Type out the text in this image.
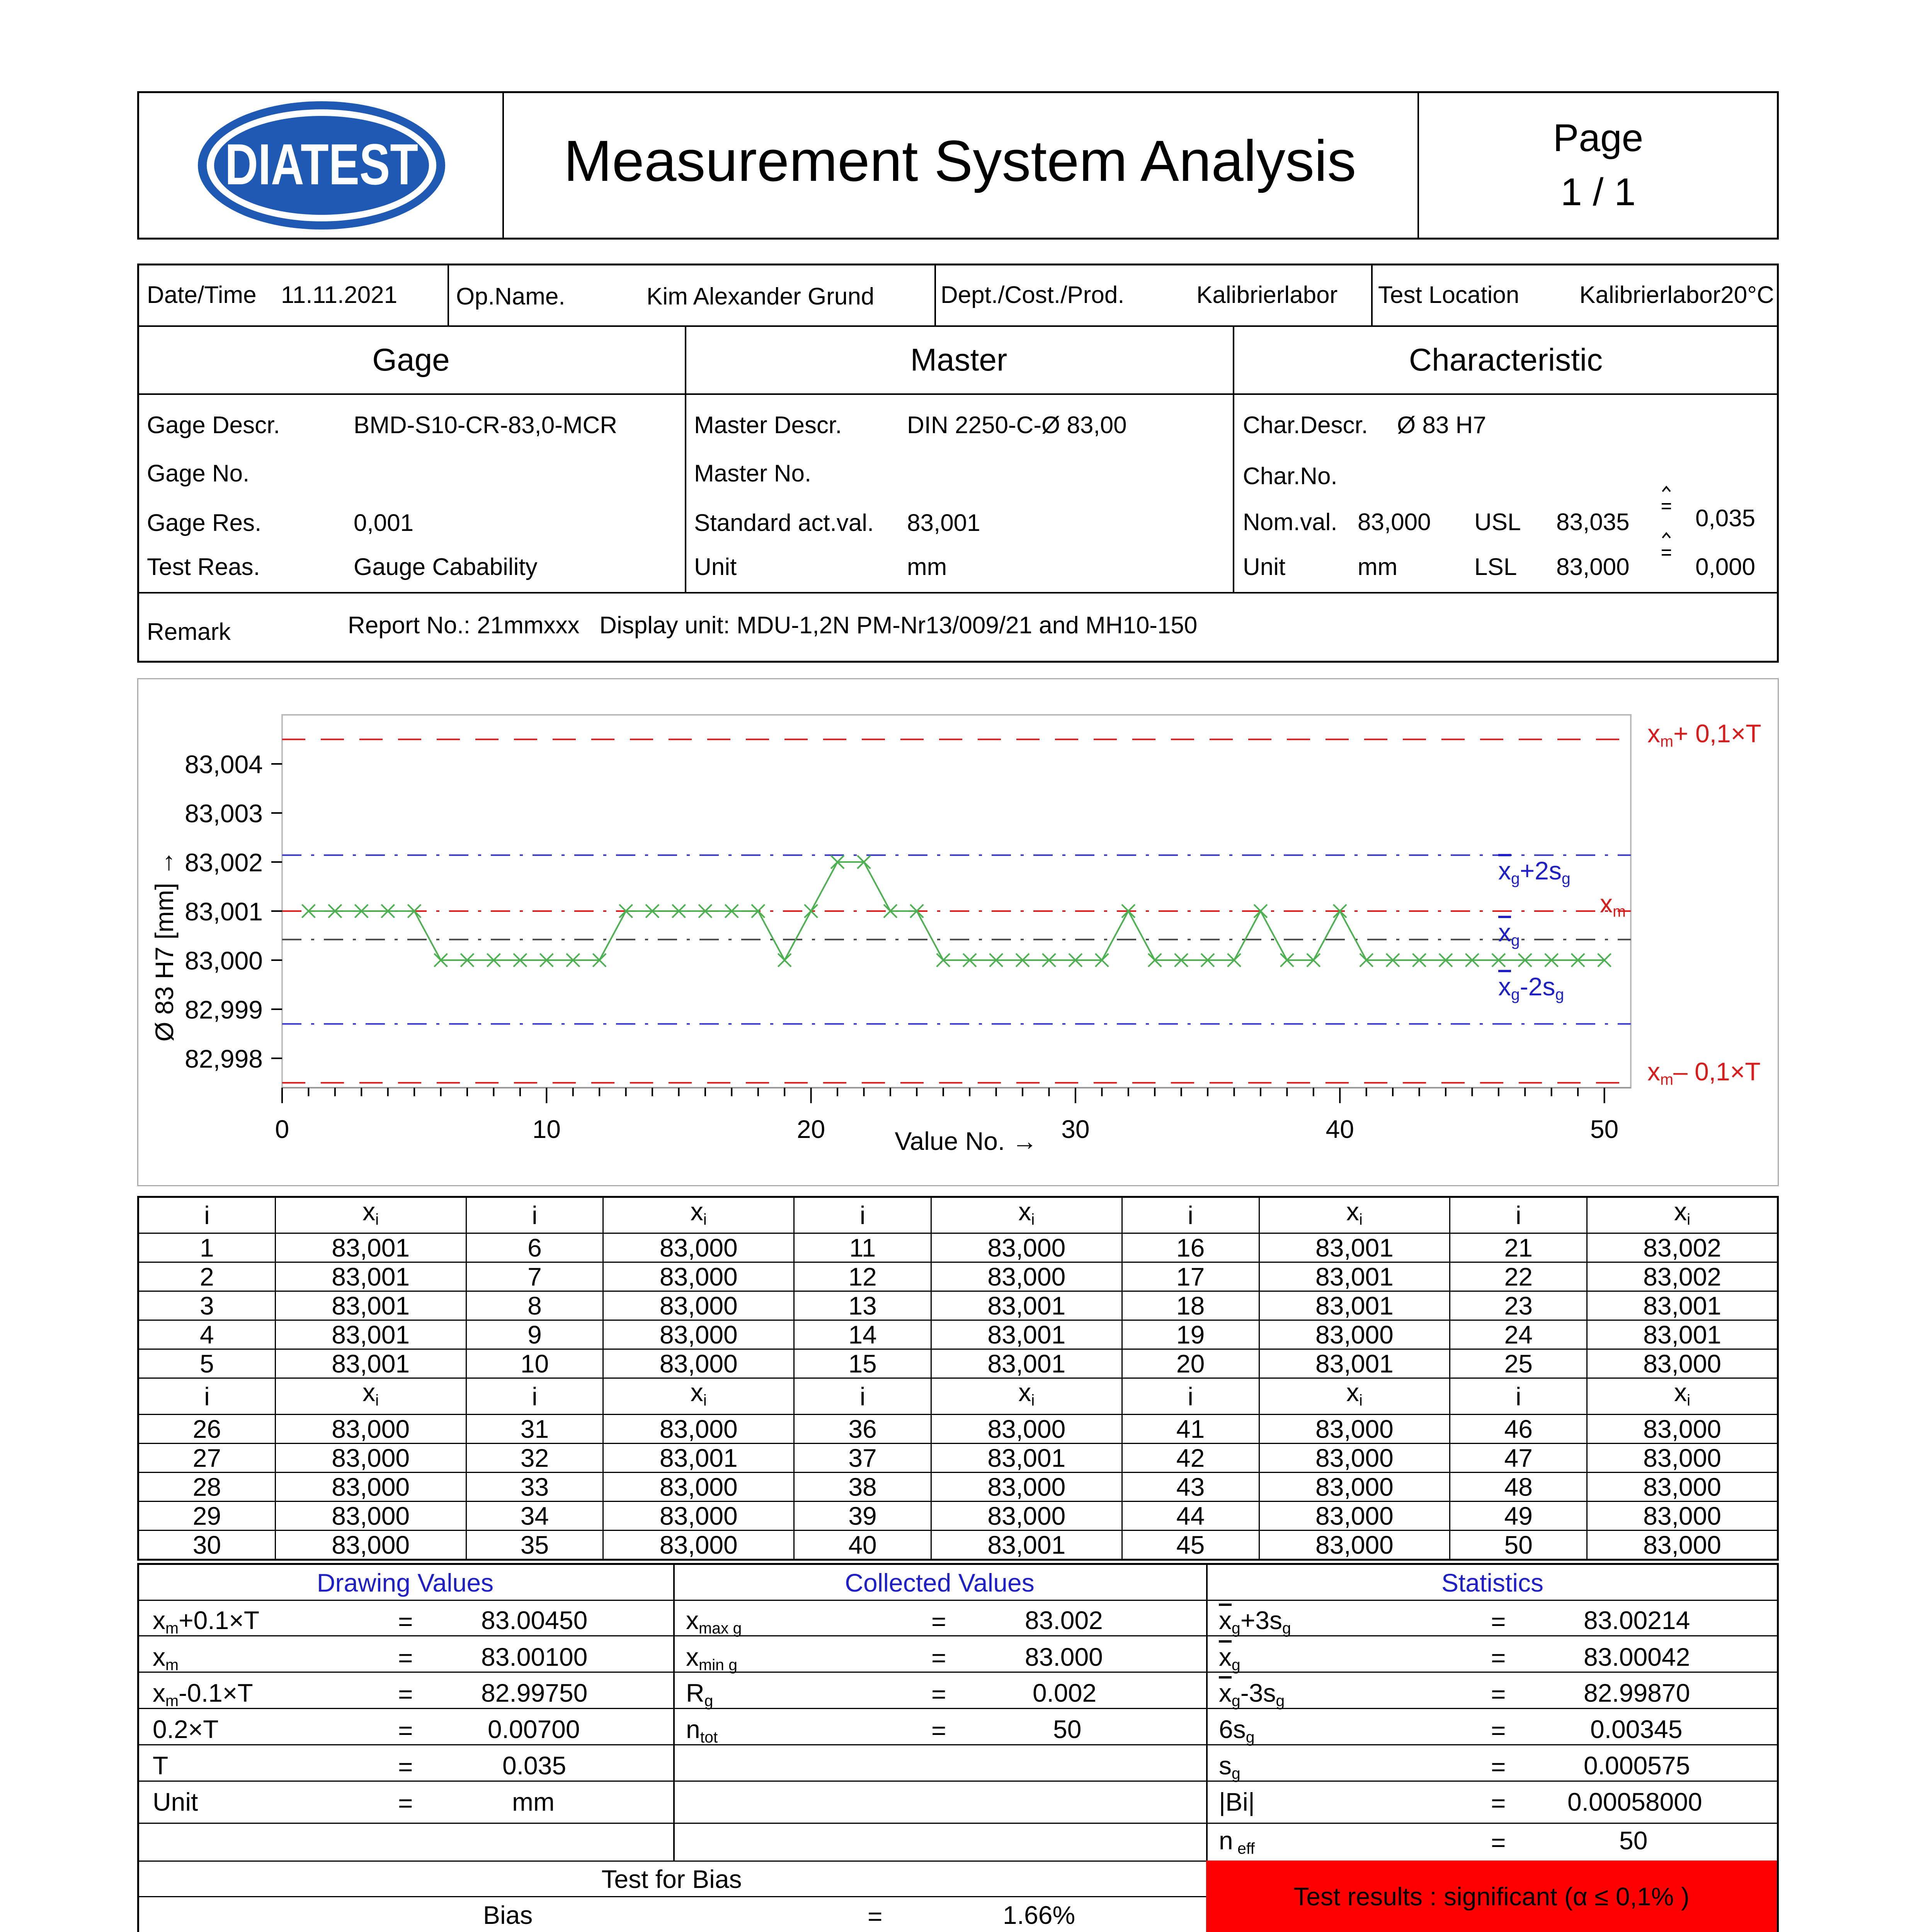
DIATEST	Measurement System Analysis	Page
1 / 1
Date/Time 11.11.2021 Op.Name.	Kim Alexander Grund	Dept./Cost./Prod.	Kalibrierlabor Test Location	Kalibrierlabor20°C
Gage	Master	Characteristic
Gage Descr.	BMD-S10-CR-83,0-MCR
Gage No.
Gage Res.	0,001
Test Reas.	Gauge Cabability
Master Descr.	DIN 2250-C-Ø 83,00
Master No.
Standard act.val. 83,001
Unit	mm
Char.Descr. Ø 83 H7
Char.No.
Nom.val. 83,000 USL 83,035	0,035
Unit	mm	LSL 83,000	0,000
Remark	Report No.: 21mmxxx   Display unit: MDU-1,2N PM-Nr13/009/21 and MH10-150
0	10	20	30	40	50
82,998
82,999
83,000
83,001
83,002
83,003
83,004
Value No. →
Ø 83 H7 [mm] →
$x_m+ 0,1\times T$
$\overline{x}_g+2s_g$
$x_m$
$\overline{x}_g$
$\overline{x}_g-2s_g$
$x_m-$ 0,1×T
i	$x_i$	i	$x_i$	i	$x_i$	i	$x_i$	i	$x_i$
1	83,001	6	83,000	11	83,000	16	83,001	21	83,002
2	83,001	7	83,000	12	83,000	17	83,001	22	83,002
3	83,001	8	83,000	13	83,001	18	83,001	23	83,001
4	83,001	9	83,000	14	83,001	19	83,000	24	83,001
5	83,001	10	83,000	15	83,001	20	83,001	25	83,000
i	$x_i$	i	$x_i$	i	$x_i$	i	$x_i$	i	$x_i$
26	83,000	31	83,000	36	83,000	41	83,000	46	83,000
27	83,000	32	83,001	37	83,001	42	83,000	47	83,000
28	83,000	33	83,000	38	83,000	43	83,000	48	83,000
29	83,000	34	83,000	39	83,000	44	83,000	49	83,000
30	83,000	35	83,000	40	83,001	45	83,000	50	83,000
Drawing Values	Collected Values	Statistics
$x_m+0.1\times T$	=	83.00450
$x_m$	=	83.00100
$x_m-0.1\times T$	=	82.99750
0.2×T	=	0.00700
T	=	0.035
Unit	=	mm
$x_{max g}$	=	83.002
$x_{min g}$	=	83.000
$R_g$	=	0.002
$n_{tot}$	=	50
$\overline{x}_g+3s_g$	=	83.00214
$\overline{x}_g$	=	83.00042
$\overline{x}_g-3s_g$	=	82.99870
$6s_g$	=	0.00345
$s_g$	=	0.000575
|Bi|	= 0.00058000
n $_{eff}$	=	50
Test for Bias
Bias	=	1.66%
Test results : significant (α ≤ 0,1% )
